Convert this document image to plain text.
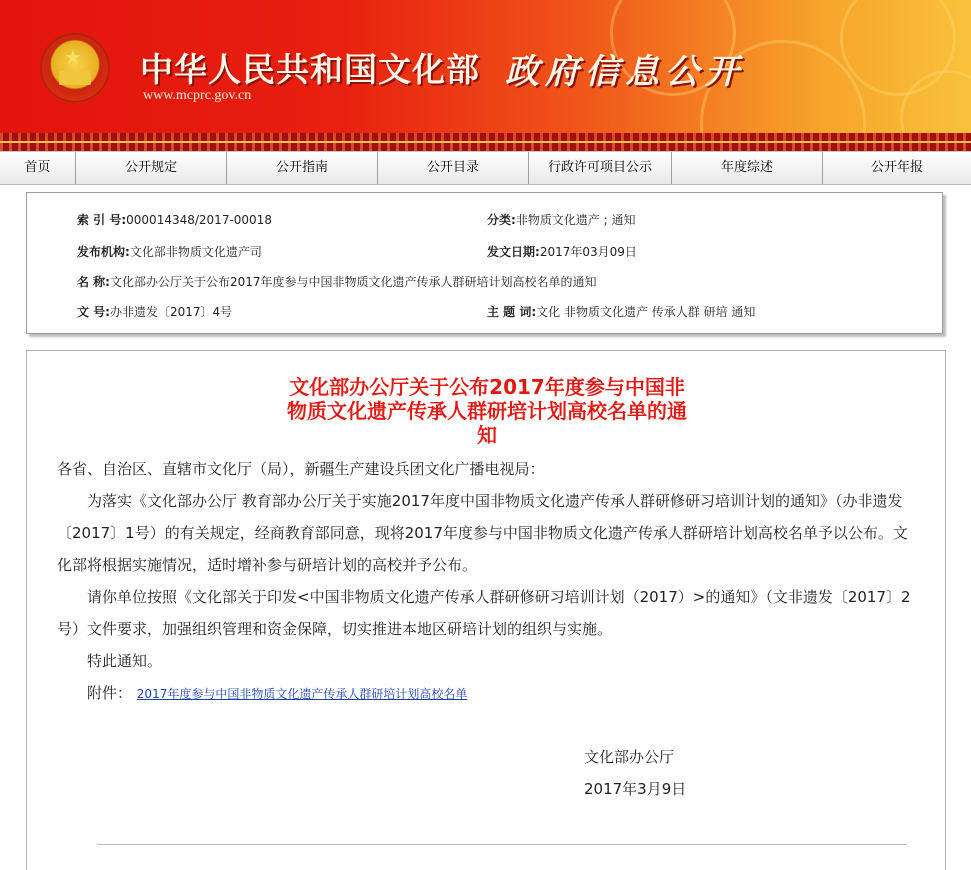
★ 中华人民共和国文化部 政府信息公开
www.mcprc.gov.cn
首页	公开规定	公开指南	公开目录	行政许可项目公示	年度综述	公开年报
索 引 号:000014348/2017-00018	分类:非物质文化遗产 ; 通知
发布机构:文化部非物质文化遗产司	发文日期:2017年03月09日
名 称:文化部办公厅关于公布2017年度参与中国非物质文化遗产传承人群研培计划高校名单的通知
文 号:办非遗发〔2017〕4号	主 题 词:文化 非物质文化遗产 传承人群 研培 通知
文化部办公厅关于公布2017年度参与中国非
物质文化遗产传承人群研培计划高校名单的通
知
各省、自治区、直辖市文化厅（局），新疆生产建设兵团文化广播电视局：
为落实《文化部办公厅 教育部办公厅关于实施2017年度中国非物质文化遗产传承人群研修研习培训计划的通知》（办非遗发〔2017〕1号）的有关规定，经商教育部同意，现将2017年度参与中国非物质文化遗产传承人群研培计划高校名单予以公布。文化部将根据实施情况，适时增补参与研培计划的高校并予公布。
请你单位按照《文化部关于印发<中国非物质文化遗产传承人群研修研习培训计划（2017）>的通知》（文非遗发〔2017〕2号）文件要求，加强组织管理和资金保障，切实推进本地区研培计划的组织与实施。
特此通知。
附件： 2017年度参与中国非物质文化遗产传承人群研培计划高校名单
文化部办公厅
2017年3月9日
